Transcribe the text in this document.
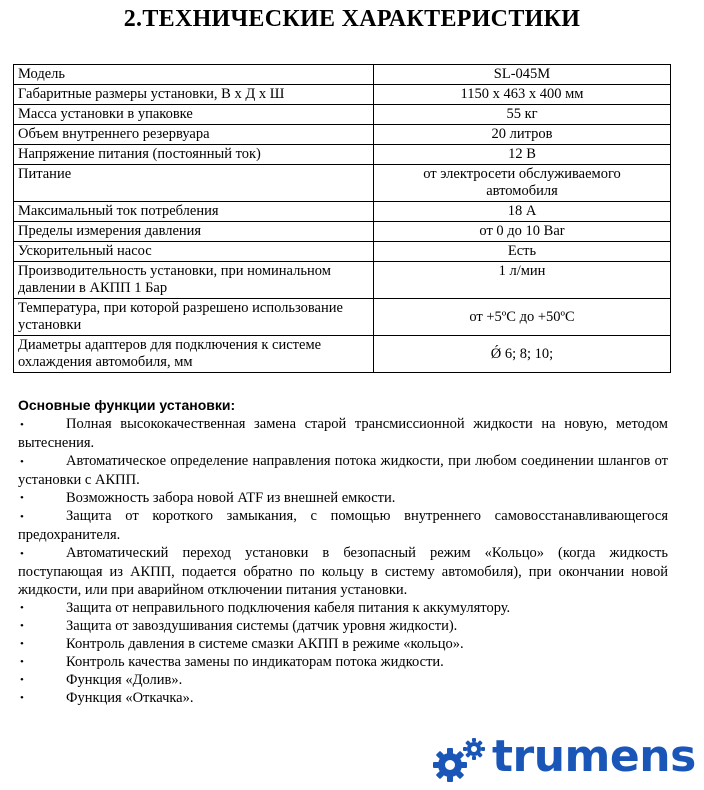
2.ТЕХНИЧЕСКИЕ ХАРАКТЕРИСТИКИ
Модель	SL-045M
Габаритные размеры установки, В х Д х Ш	1150 х 463 х 400 мм
Масса установки в упаковке	55 кг
Объем внутреннего резервуара	20 литров
Напряжение питания (постоянный ток)	12 В
Питание	от электросети обслуживаемого автомобиля
Максимальный ток потребления	18 А
Пределы измерения давления	от 0 до 10 Bar
Ускорительный насос	Есть
Производительность установки, при номинальном давлении в АКПП 1 Бар	1 л/мин
Температура, при которой разрешено использование установки	от +5ºC до +50ºC
Диаметры адаптеров для подключения к системе охлаждения автомобиля, мм	Ǿ 6; 8; 10;
Основные функции установки:

•	Полная высококачественная замена старой трансмиссионной жидкости на новую, методом вытеснения.

•	Автоматическое определение направления потока жидкости, при любом соединении шлангов от установки с АКПП.

•	Возможность забора новой ATF из внешней емкости.

•	Защита от короткого замыкания, с помощью внутреннего самовосстанавливающегося предохранителя.

•	Автоматический переход установки в безопасный режим «Кольцо» (когда жидкость поступающая из АКПП, подается обратно по кольцу в систему автомобиля), при окончании новой жидкости, или при аварийном отключении питания установки.

•	Защита от неправильного подключения кабеля питания к аккумулятору.

•	Защита от завоздушивания системы (датчик уровня жидкости).

•	Контроль давления в системе смазки АКПП в режиме «кольцо».

•	Контроль качества замены по индикаторам потока жидкости.

•	Функция «Долив».

•	Функция «Откачка».

trumens
